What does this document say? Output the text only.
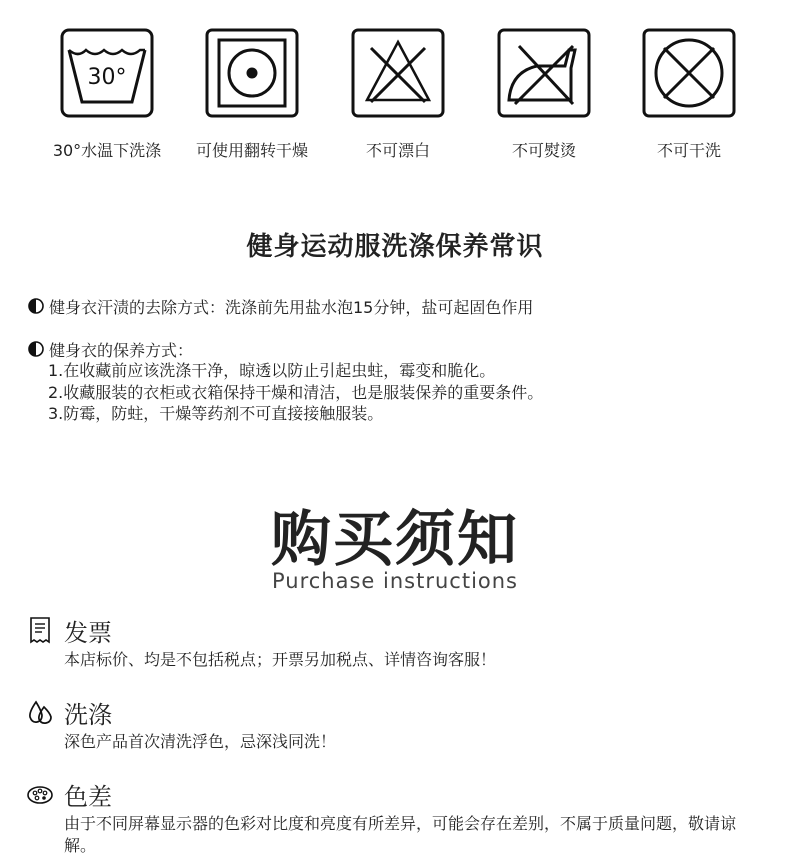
30°
30°水温下洗涤	可使用翻转干燥	不可漂白	不可熨烫	不可干洗
健身运动服洗涤保养常识
健身衣汗渍的去除方式：洗涤前先用盐水泡15分钟，盐可起固色作用
健身衣的保养方式：
1.在收藏前应该洗涤干净，晾透以防止引起虫蛀，霉变和脆化。
2.收藏服装的衣柜或衣箱保持干燥和清洁，也是服装保养的重要条件。
3.防霉，防蛀，干燥等药剂不可直接接触服装。
购买须知
Purchase instructions
发票
本店标价、均是不包括税点；开票另加税点、详情咨询客服！
洗涤
深色产品首次清洗浮色，忌深浅同洗！
色差
由于不同屏幕显示器的色彩对比度和亮度有所差异，可能会存在差别，不属于质量问题，敬请谅解。
